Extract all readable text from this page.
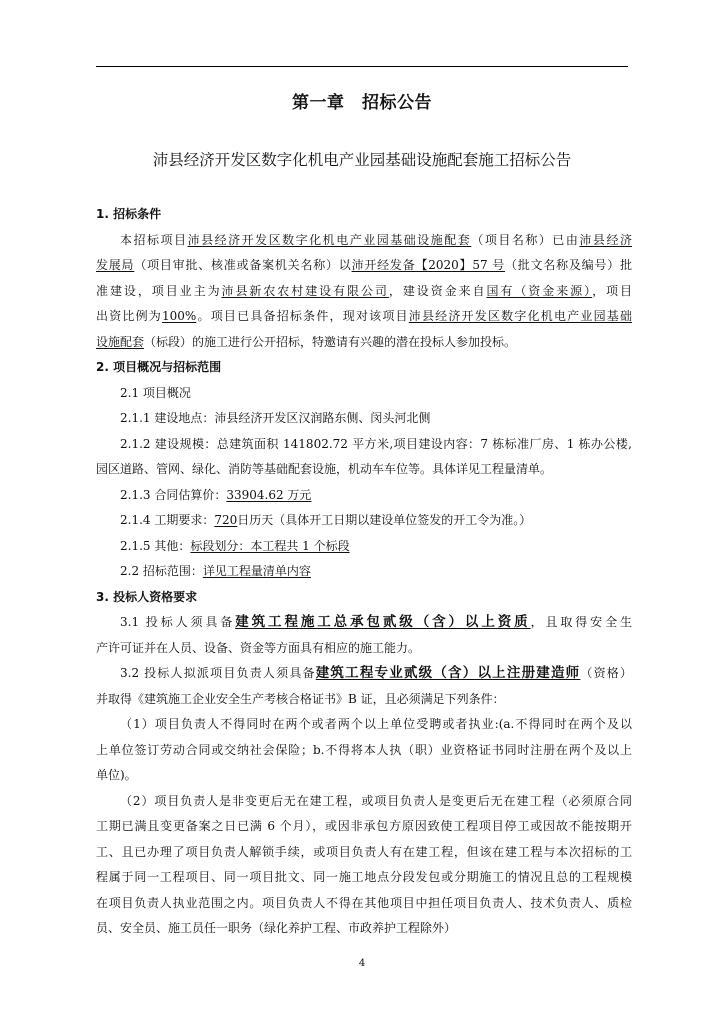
第一章　招标公告
沛县经济开发区数字化机电产业园基础设施配套施工招标公告
1. 招标条件
本招标项目沛县经济开发区数字化机电产业园基础设施配套（项目名称）已由沛县经济
发展局（项目审批、核准或备案机关名称）以沛开经发备【2020】57 号（批文名称及编号）批
准建设，项目业主为沛县新农农村建设有限公司，建设资金来自国有（资金来源），项目
出资比例为100%。项目已具备招标条件，现对该项目沛县经济开发区数字化机电产业园基础
设施配套（标段）的施工进行公开招标，特邀请有兴趣的潜在投标人参加投标。
2. 项目概况与招标范围
2.1 项目概况
2.1.1 建设地点：沛县经济开发区汉润路东侧、闵头河北侧
2.1.2 建设规模：总建筑面积 141802.72 平方米,项目建设内容：7 栋标准厂房、1 栋办公楼,
园区道路、管网、绿化、消防等基础配套设施，机动车车位等。具体详见工程量清单。
2.1.3 合同估算价：33904.62 万元
2.1.4 工期要求：720日历天（具体开工日期以建设单位签发的开工令为准。）
2.1.5 其他：标段划分：本工程共 1 个标段
2.2 招标范围：详见工程量清单内容
3. 投标人资格要求
3.1 投标人须具备建筑工程施工总承包贰级（含）以上资质，且取得安全生
产许可证并在人员、设备、资金等方面具有相应的施工能力。
3.2 投标人拟派项目负责人须具备建筑工程专业贰级（含）以上注册建造师（资格）
并取得《建筑施工企业安全生产考核合格证书》B 证，且必须满足下列条件：
（1）项目负责人不得同时在两个或者两个以上单位受聘或者执业:(a.不得同时在两个及以
上单位签订劳动合同或交纳社会保险；b.不得将本人执（职）业资格证书同时注册在两个及以上
单位)。
（2）项目负责人是非变更后无在建工程，或项目负责人是变更后无在建工程（必须原合同
工期已满且变更备案之日已满 6 个月），或因非承包方原因致使工程项目停工或因故不能按期开
工、且已办理了项目负责人解锁手续，或项目负责人有在建工程，但该在建工程与本次招标的工
程属于同一工程项目、同一项目批文、同一施工地点分段发包或分期施工的情况且总的工程规模
在项目负责人执业范围之内。项目负责人不得在其他项目中担任项目负责人、技术负责人、质检
员、安全员、施工员任一职务（绿化养护工程、市政养护工程除外）
4
